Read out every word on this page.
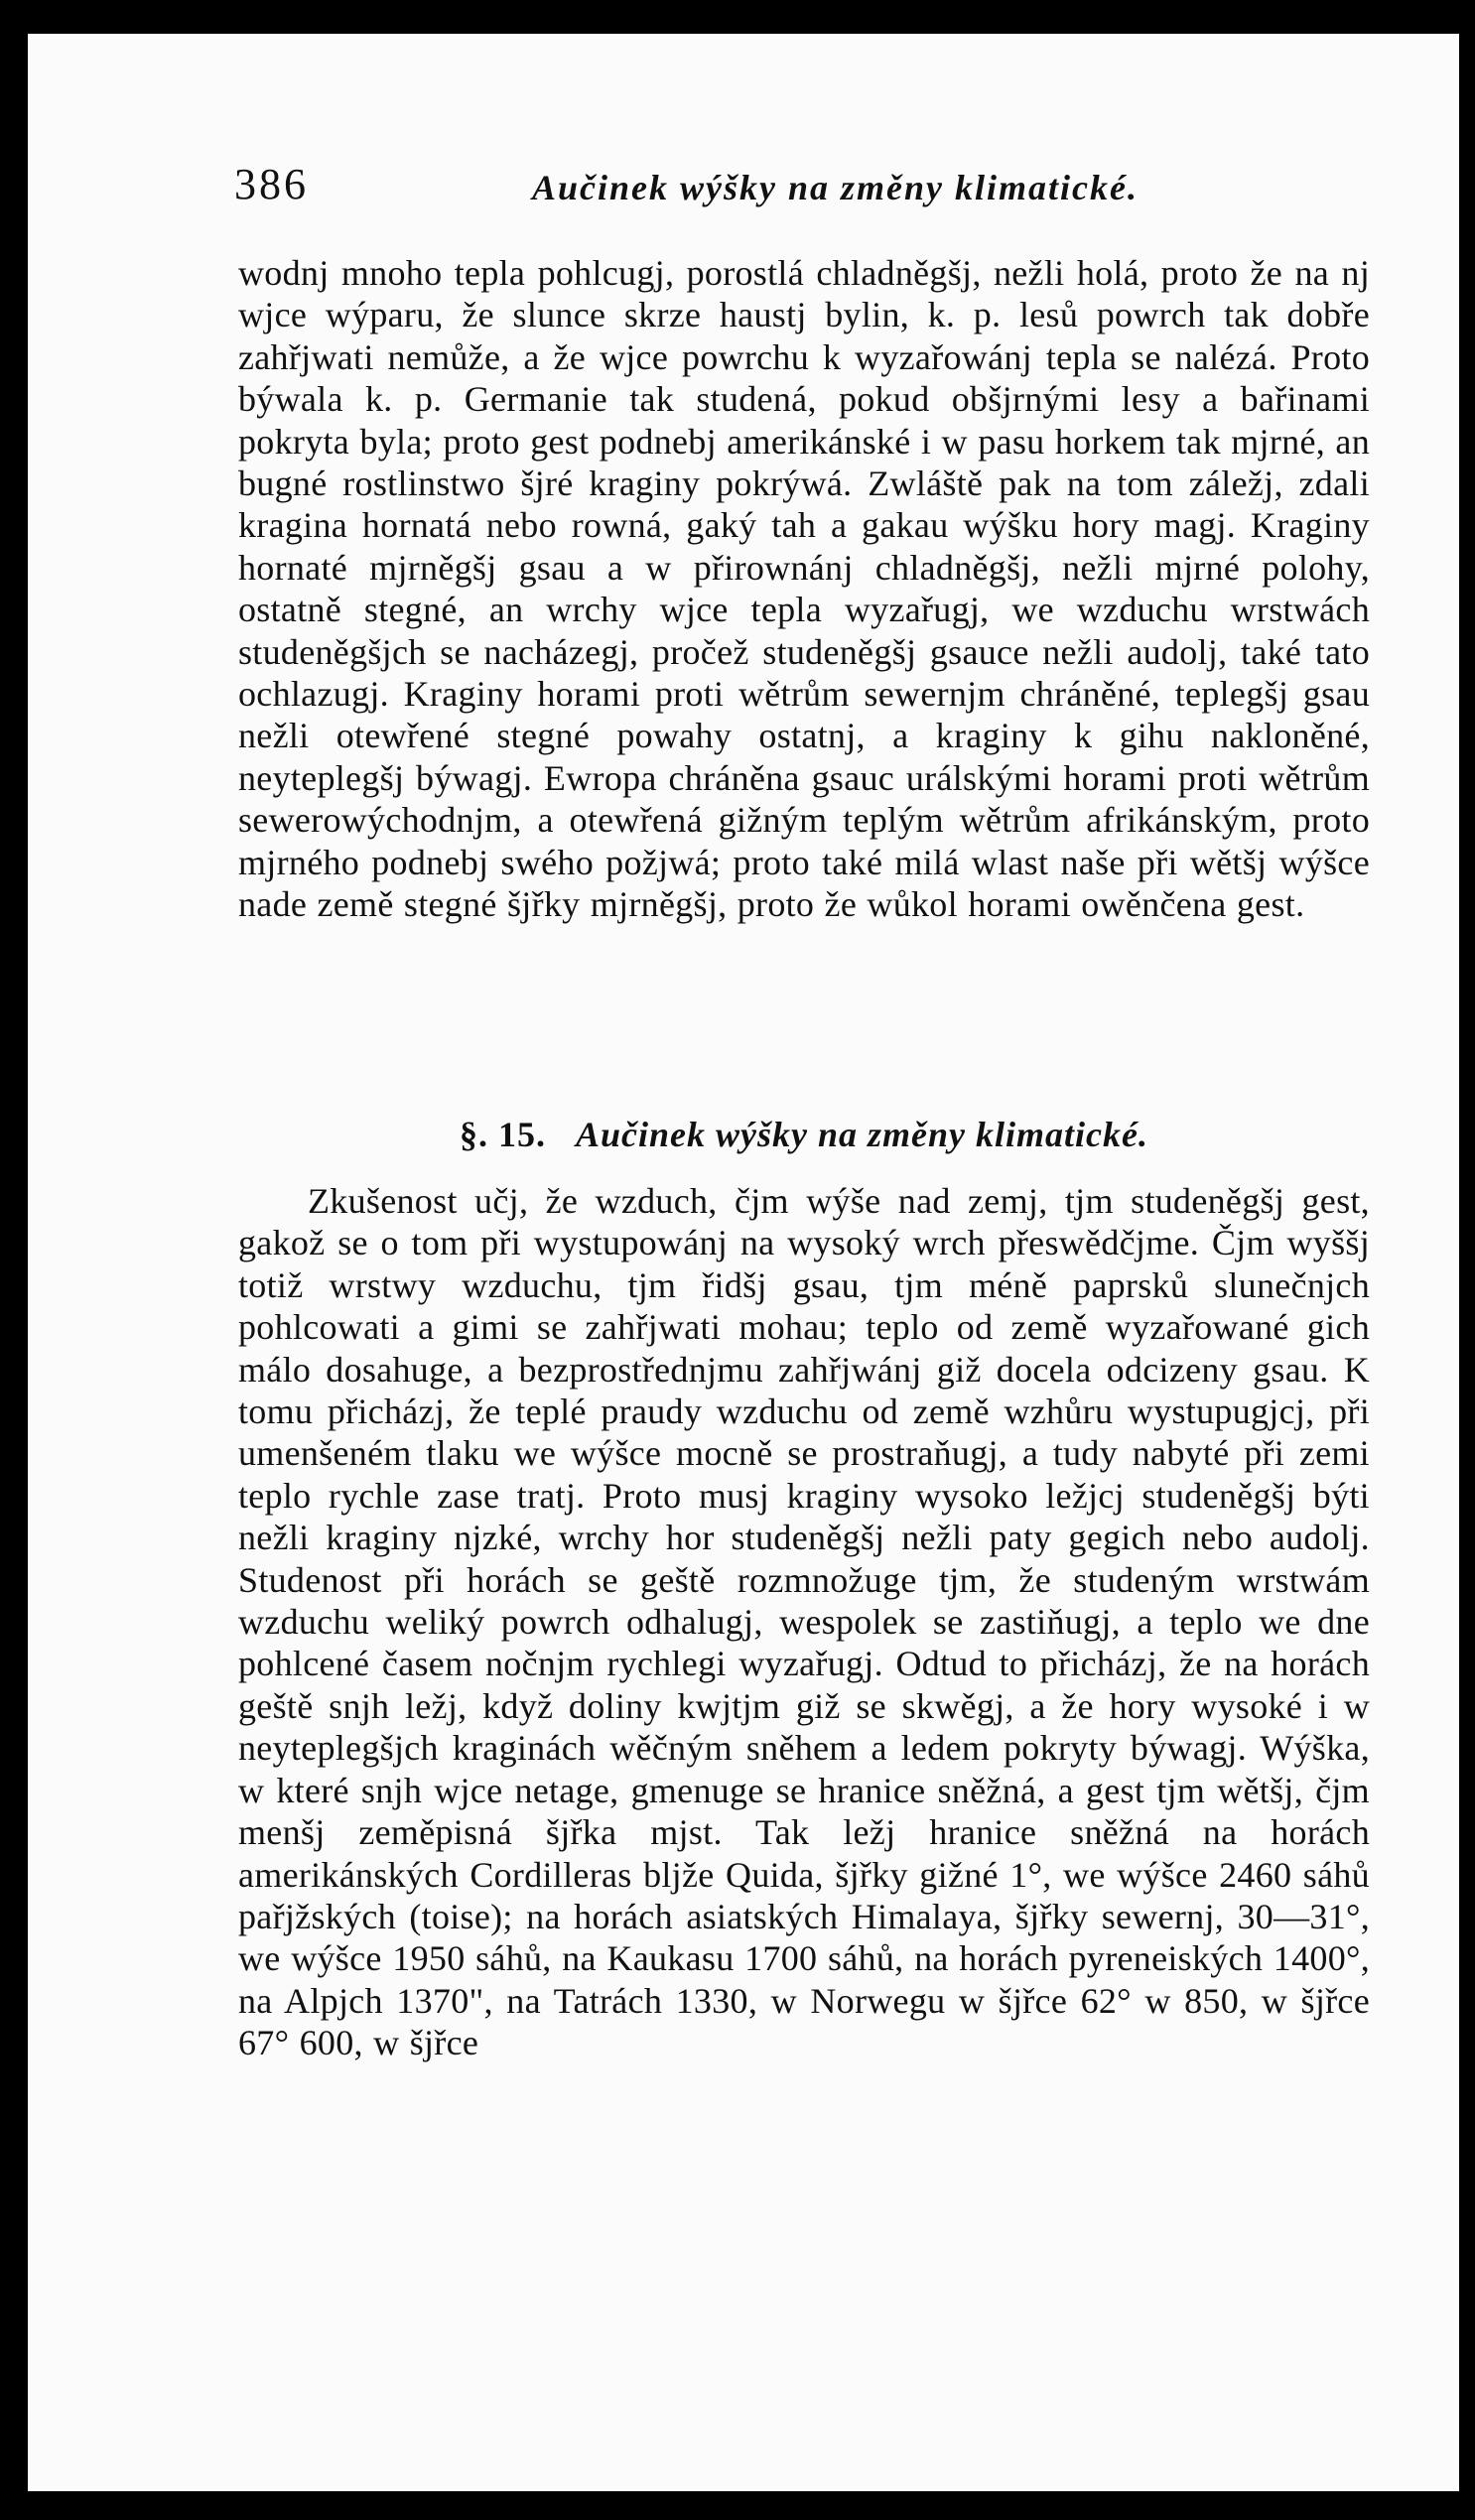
386	Aučinek wýšky na změny klimatické.

wodnj mnoho tepla pohlcugj, porostlá chladněgšj, nežli holá, proto že na nj wjce wýparu, že slunce skrze haustj bylin, k. p. lesů powrch tak dobře zahřjwati nemůže, a že wjce powrchu k wyzařowánj tepla se nalézá. Proto býwala k. p. Germanie tak studená, pokud obšjrnými lesy a bařinami pokryta byla; proto gest podnebj amerikánské i w pasu horkem tak mjrné, an bugné rostlinstwo šjré kraginy pokrýwá. Zwláště pak na tom záležj, zdali kragina hornatá nebo rowná, gaký tah a gakau wýšku hory magj. Kraginy hornaté mjrněgšj gsau a w přirownánj chladněgšj, nežli mjrné polohy, ostatně stegné, an wrchy wjce tepla wyzařugj, we wzduchu wrstwách studeněgšjch se nacházegj, pročež studeněgšj gsauce nežli audolj, také tato ochlazugj. Kraginy horami proti wětrům sewernjm chráněné, teplegšj gsau nežli otewřené stegné powahy ostatnj, a kraginy k gihu nakloněné, neyteplegšj býwagj. Ewropa chráněna gsauc urálskými horami proti wětrům sewerowýchodnjm, a otewřená gižným teplým wětrům afrikánským, proto mjrného podnebj swého požjwá; proto také milá wlast naše při wětšj wýšce nade země stegné šjřky mjrněgšj, proto že wůkol horami owěnčena gest.

§. 15. Aučinek wýšky na změny klimatické.

Zkušenost učj, že wzduch, čjm wýše nad zemj, tjm studeněgšj gest, gakož se o tom při wystupowánj na wysoký wrch přeswědčjme. Čjm wyššj totiž wrstwy wzduchu, tjm řidšj gsau, tjm méně paprsků slunečnjch pohlcowati a gimi se zahřjwati mohau; teplo od země wyzařowané gich málo dosahuge, a bezprostřednjmu zahřjwánj giž docela odcizeny gsau. K tomu přicházj, že teplé praudy wzduchu od země wzhůru wystupugjcj, při umenšeném tlaku we wýšce mocně se prostraňugj, a tudy nabyté při zemi teplo rychle zase tratj. Proto musj kraginy wysoko ležjcj studeněgšj býti nežli kraginy njzké, wrchy hor studeněgšj nežli paty gegich nebo audolj. Studenost při horách se geště rozmnožuge tjm, že studeným wrstwám wzduchu weliký powrch odhalugj, wespolek se zastiňugj, a teplo we dne pohlcené časem nočnjm rychlegi wyzařugj. Odtud to přicházj, že na horách geště snjh ležj, když doliny kwjtjm giž se skwěgj, a že hory wysoké i w neyteplegšjch kraginách wěčným sněhem a ledem pokryty býwagj. Wýška, w které snjh wjce netage, gmenuge se hranice sněžná, a gest tjm wětšj, čjm menšj zeměpisná šjřka mjst. Tak ležj hranice sněžná na horách amerikánských Cordilleras bljže Quida, šjřky gižné 1°, we wýšce 2460 sáhů pařjžských (toise); na horách asiatských Himalaya, šjřky sewernj, 30—31°, we wýšce 1950 sáhů, na Kaukasu 1700 sáhů, na horách pyreneiských 1400°, na Alpjch 1370", na Tatrách 1330, w Norwegu w šjřce 62° w 850, w šjřce 67° 600, w šjřce
